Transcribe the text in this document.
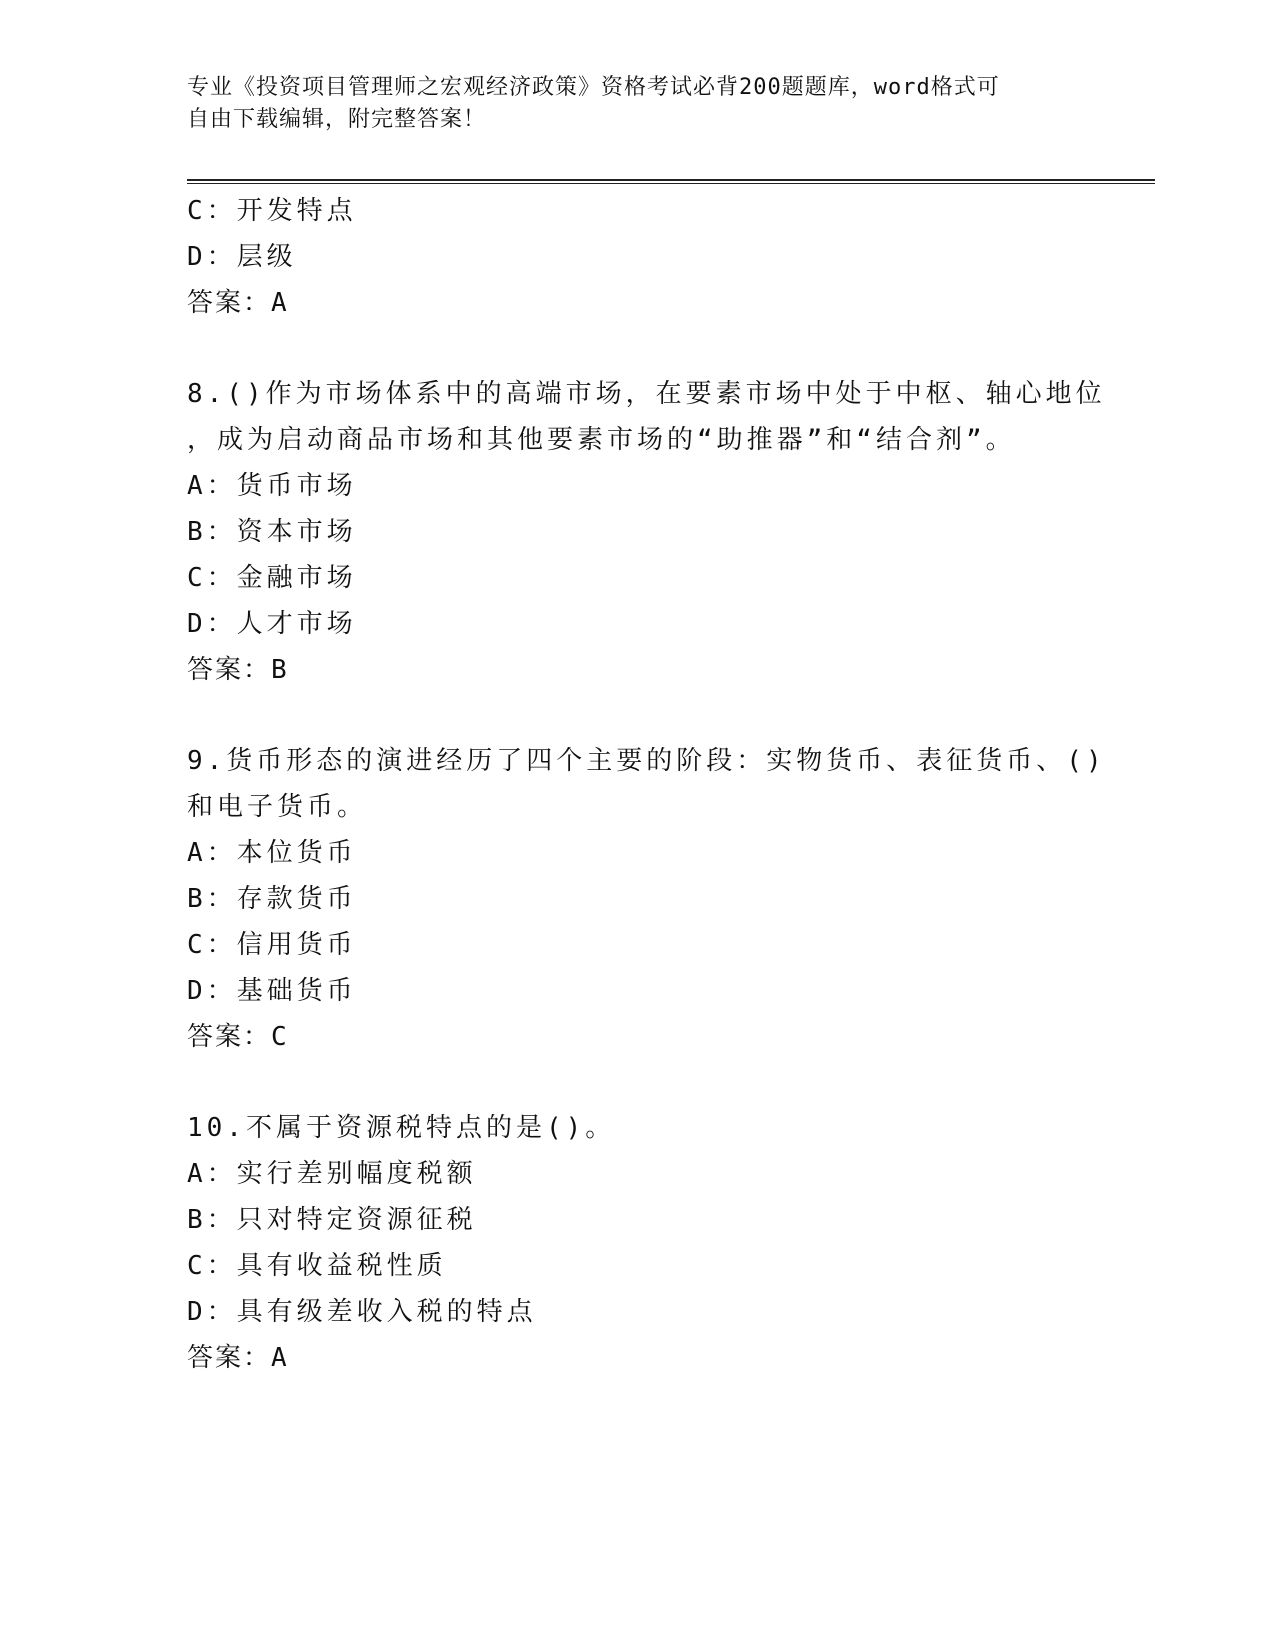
专业《投资项目管理师之宏观经济政策》资格考试必背200题题库，word格式可
自由下载编辑，附完整答案！
C：开发特点
D：层级
答案：A
8.()作为市场体系中的高端市场，在要素市场中处于中枢、轴心地位
，成为启动商品市场和其他要素市场的“助推器”和“结合剂”。
A：货币市场
B：资本市场
C：金融市场
D：人才市场
答案：B
9.货币形态的演进经历了四个主要的阶段：实物货币、表征货币、()
和电子货币。
A：本位货币
B：存款货币
C：信用货币
D：基础货币
答案：C
10.不属于资源税特点的是()。
A：实行差别幅度税额
B：只对特定资源征税
C：具有收益税性质
D：具有级差收入税的特点
答案：A
